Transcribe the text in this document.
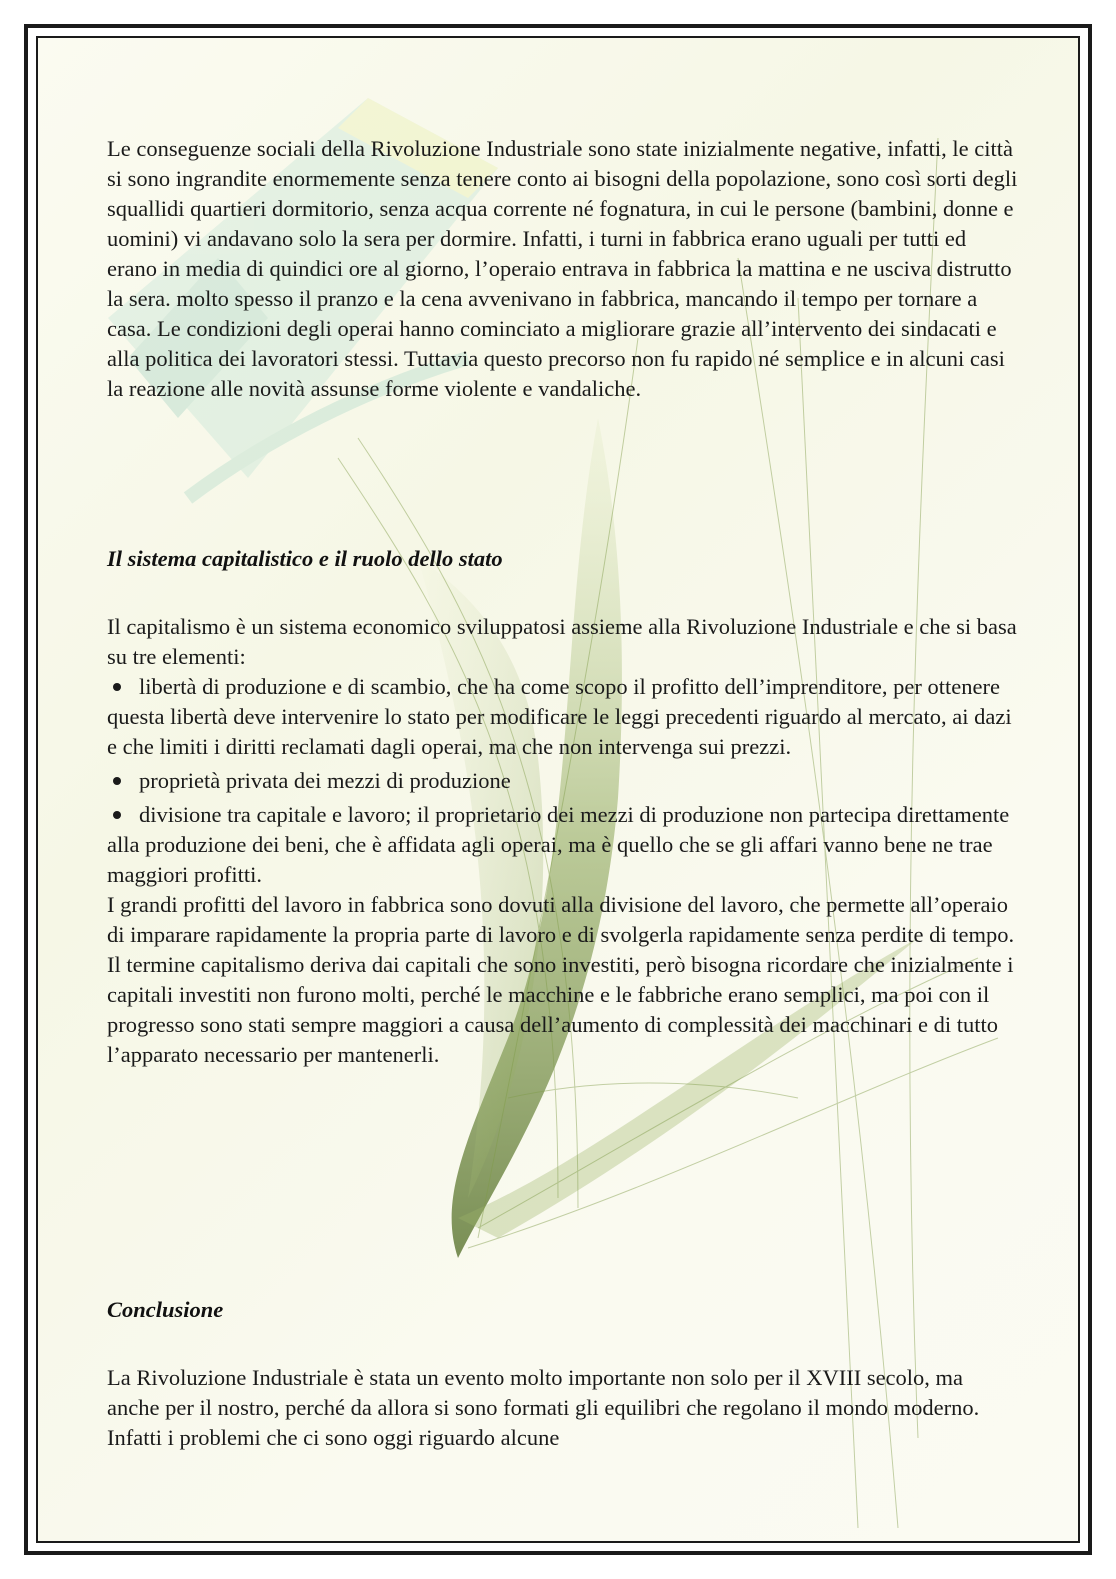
Le conseguenze sociali della Rivoluzione Industriale sono state inizialmente negative, infatti, le città si sono ingrandite enormemente senza tenere conto ai bisogni della popolazione, sono così sorti degli squallidi quartieri dormitorio, senza acqua corrente né fognatura, in cui le persone (bambini, donne e uomini) vi andavano solo la sera per dormire. Infatti, i turni in fabbrica erano uguali per tutti ed erano in media di quindici ore al giorno, l’operaio entrava in fabbrica la mattina e ne usciva distrutto la sera. molto spesso il pranzo e la cena avvenivano in fabbrica, mancando il tempo per tornare a casa. Le condizioni degli operai hanno cominciato a migliorare grazie all’intervento dei sindacati e alla politica dei lavoratori stessi. Tuttavia questo precorso non fu rapido né semplice e in alcuni casi la reazione alle novità assunse forme violente e vandaliche.

Il sistema capitalistico e il ruolo dello stato

Il capitalismo è un sistema economico sviluppatosi assieme alla Rivoluzione Industriale e che si basa su tre elementi:

libertà di produzione e di scambio, che ha come scopo il profitto dell’imprenditore, per ottenere questa libertà deve intervenire lo stato per modificare le leggi precedenti riguardo al mercato, ai dazi e che limiti i diritti reclamati dagli operai, ma che non intervenga sui prezzi.

proprietà privata dei mezzi di produzione

divisione tra capitale e lavoro; il proprietario dei mezzi di produzione non partecipa direttamente alla produzione dei beni, che è affidata agli operai, ma è quello che se gli affari vanno bene ne trae maggiori profitti.

I grandi profitti del lavoro in fabbrica sono dovuti alla divisione del lavoro, che permette all’operaio di imparare rapidamente la propria parte di lavoro e di svolgerla rapidamente senza perdite di tempo.

Il termine capitalismo deriva dai capitali che sono investiti, però bisogna ricordare che inizialmente i capitali investiti non furono molti, perché le macchine e le fabbriche erano semplici, ma poi con il progresso sono stati sempre maggiori a causa dell’aumento di complessità dei macchinari e di tutto l’apparato necessario per mantenerli.

Conclusione

La Rivoluzione Industriale è stata un evento molto importante non solo per il XVIII secolo, ma anche per il nostro, perché da allora si sono formati gli equilibri che regolano il mondo moderno. Infatti i problemi che ci sono oggi riguardo alcune
